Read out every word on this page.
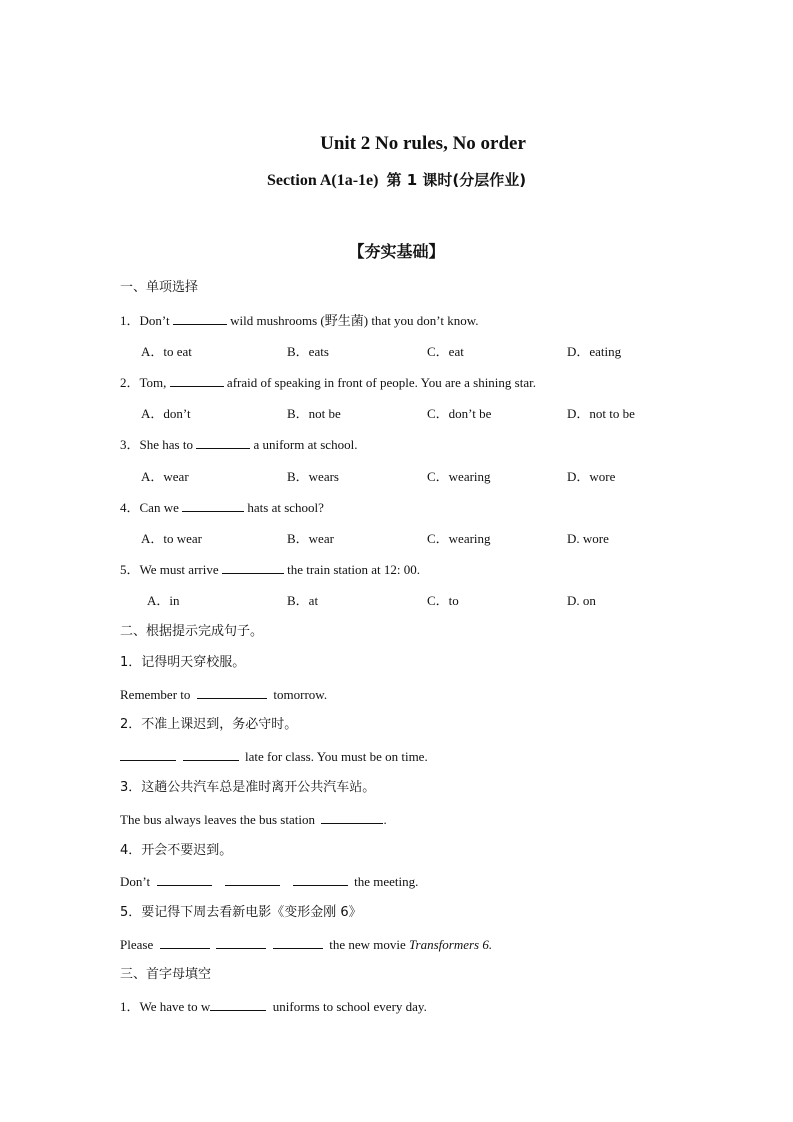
Unit 2 No rules, No order
Section A(1a-1e) 第 1 课时(分层作业)
【夯实基础】
一、单项选择
1．Don’t	wild mushrooms (野生菌) that you don’t know.
A．to eat	B．eats	C．eat	D．eating
2．Tom,	afraid of speaking in front of people. You are a shining star.
A．don’t	B．not be	C．don’t be	D．not to be
3．She has to	a uniform at school.
A．wear	B．wears	C．wearing	D．wore
4．Can we	hats at school?
A．to wear	B．wear	C．wearing	D. wore
5．We must arrive	the train station at 12: 00.
A．in	B．at	C．to	D. on
二、根据提示完成句子。
1．记得明天穿校服。
Remember to	tomorrow.
2．不准上课迟到，务必守时。
late for class. You must be on time.
3．这趟公共汽车总是准时离开公共汽车站。
The bus always leaves the bus station	.
4．开会不要迟到。
Don’t	the meeting.
5．要记得下周去看新电影《变形金刚 6》
Please	the new movie Transformers 6.
三、首字母填空
1．We have to w	uniforms to school every day.
